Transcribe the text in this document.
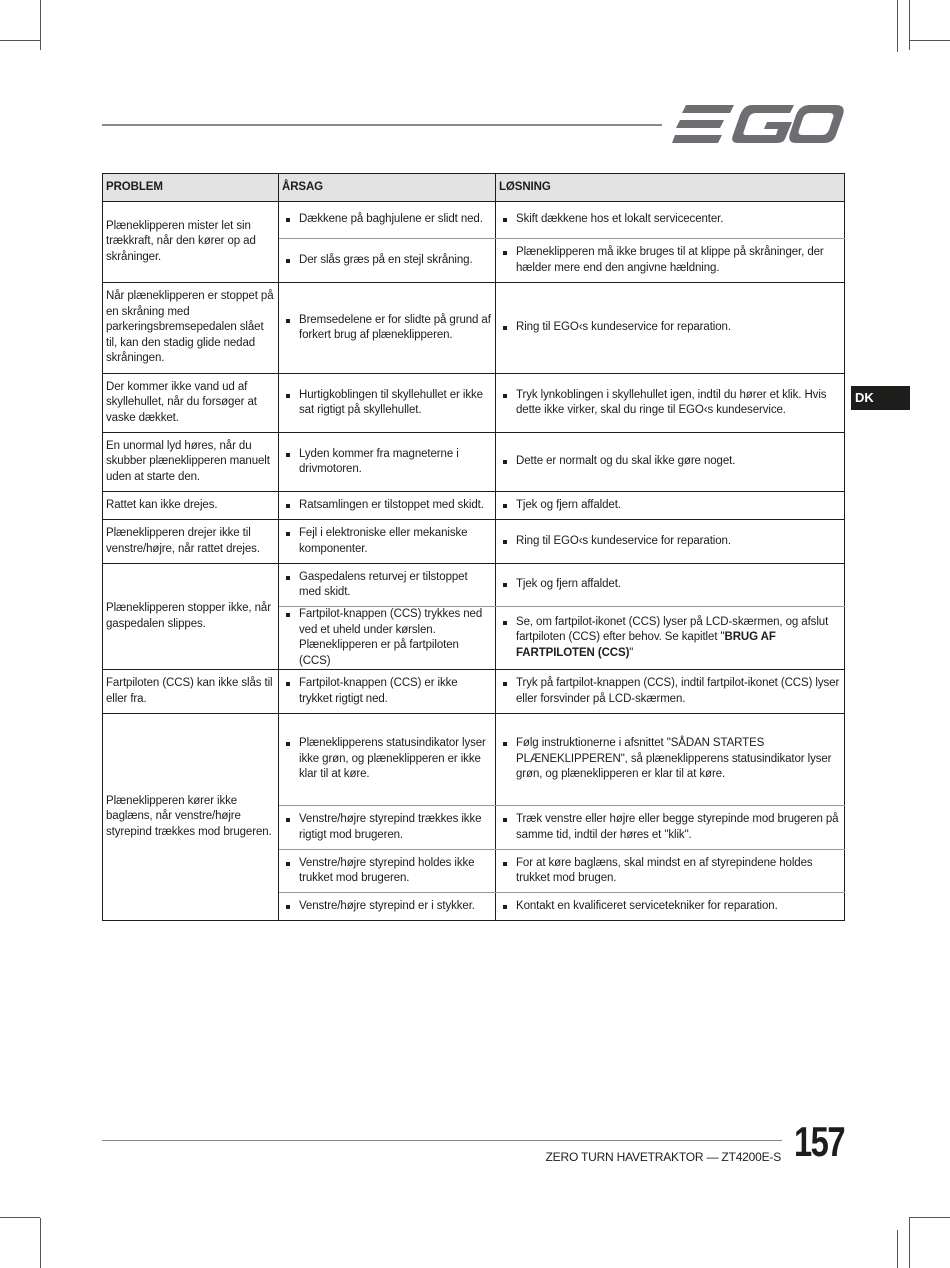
DK
PROBLEM	ÅRSAG	LØSNING
Plæneklipperen mister let sin trækkraft, når den kører op ad skråninger.	Dækkene på baghjulene er slidt ned.	Skift dækkene hos et lokalt servicecenter.

	Der slås græs på en stejl skråning.	Plæneklipperen må ikke bruges til at klippe på skråninger, der hælder mere end den angivne hældning.

Når plæneklipperen er stoppet på en skråning med parkeringsbremsepedalen slået til, kan den stadig glide nedad skråningen.	Bremsedelene er for slidte på grund af forkert brug af plæneklipperen.	Ring til EGO‹s kundeservice for reparation.

Der kommer ikke vand ud af skyllehullet, når du forsøger at vaske dækket.	Hurtigkoblingen til skyllehullet er ikke sat rigtigt på skyllehullet.	Tryk lynkoblingen i skyllehullet igen, indtil du hører et klik. Hvis dette ikke virker, skal du ringe til EGO‹s kundeservice.

En unormal lyd høres, når du skubber plæneklipperen manuelt uden at starte den.	Lyden kommer fra magneterne i drivmotoren.	Dette er normalt og du skal ikke gøre noget.

Rattet kan ikke drejes.	Ratsamlingen er tilstoppet med skidt.	Tjek og fjern affaldet.

Plæneklipperen drejer ikke til venstre/højre, når rattet drejes.	Fejl i elektroniske eller mekaniske komponenter.	Ring til EGO‹s kundeservice for reparation.

Plæneklipperen stopper ikke, når gaspedalen slippes.	Gaspedalens returvej er tilstoppet med skidt.	Tjek og fjern affaldet.

	Fartpilot-knappen (CCS) trykkes ned ved et uheld under kørslen. Plæneklipperen er på fartpiloten (CCS)	Se, om fartpilot-ikonet (CCS) lyser på LCD-skærmen, og afslut fartpiloten (CCS) efter behov. Se kapitlet "BRUG AF FARTPILOTEN (CCS)"

Fartpiloten (CCS) kan ikke slås til eller fra.	Fartpilot-knappen (CCS) er ikke trykket rigtigt ned.	Tryk på fartpilot-knappen (CCS), indtil fartpilot-ikonet (CCS) lyser eller forsvinder på LCD-skærmen.

Plæneklipperen kører ikke baglæns, når venstre/højre styrepind trækkes mod brugeren.	Plæneklipperens statusindikator lyser ikke grøn, og plæneklipperen er ikke klar til at køre.	Følg instruktionerne i afsnittet "SÅDAN STARTES PLÆNEKLIPPEREN", så plæneklipperens statusindikator lyser grøn, og plæneklipperen er klar til at køre.

	Venstre/højre styrepind trækkes ikke rigtigt mod brugeren.	Træk venstre eller højre eller begge styrepinde mod brugeren på samme tid, indtil der høres et "klik".

	Venstre/højre styrepind holdes ikke trukket mod brugeren.	For at køre baglæns, skal mindst en af styrepindene holdes trukket mod brugen.

	Venstre/højre styrepind er i stykker.	Kontakt en kvalificeret servicetekniker for reparation.
ZERO TURN HAVETRAKTOR — ZT4200E-S 157
